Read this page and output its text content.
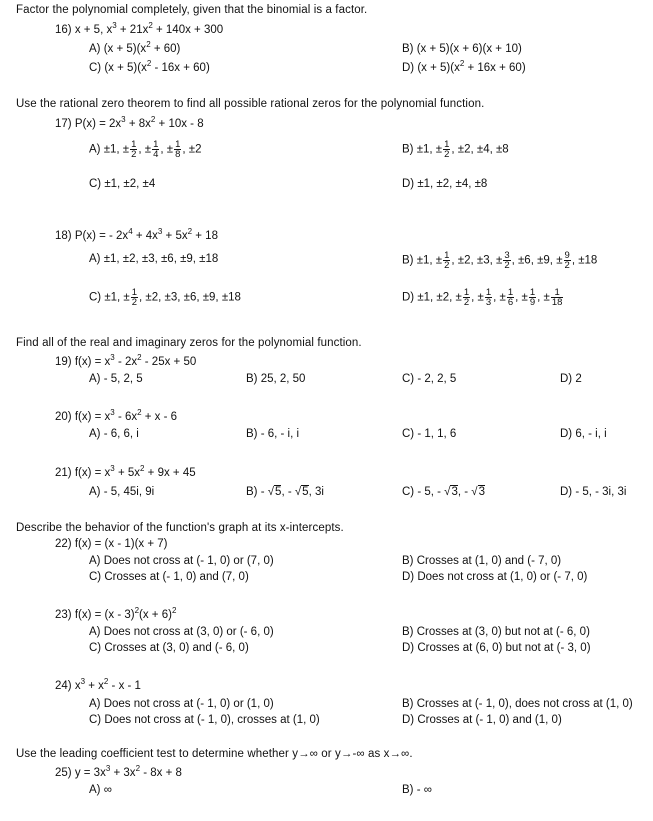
Factor the polynomial completely, given that the binomial is a factor.
16) x + 5, $x^3 + 21x^2 + 140x + 300$
A) $(x + 5)(x^2 + 60)$	B) (x + 5)(x + 6)(x + 10)
C) $(x + 5)(x^2 - 16x + 60)$	D) $(x + 5)(x^2 + 16x + 60)$
Use the rational zero theorem to find all possible rational zeros for the polynomial function.
17) $P(x) = 2x^3 + 8x^2 + 10x - 8$
A) ±1, ± $\frac{1}{2}$ , ± $\frac{1}{4}$ , ± $\frac{1}{8}$ , ±2	B) ±1, ± $\frac{1}{2}$ , ±2, ±4, ±8
C) ±1, ±2, ±4	D) ±1, ±2, ±4, ±8
18) P(x) = - $2x^4 + 4x^3 + 5x^2 + 18$
A) ±1, ±2, ±3, ±6, ±9, ±18	B) ±1, ± $\frac{1}{2}$ , ±2, ±3, ± $\frac{3}{2}$ , ±6, ±9, ± $\frac{9}{2}$ , ±18
C) ±1, ± $\frac{1}{2}$ , ±2, ±3, ±6, ±9, ±18	D) ±1, ±2, ± $\frac{1}{2}$ , ± $\frac{1}{3}$ , ± $\frac{1}{6}$ , ± $\frac{1}{9}$ , ± $\frac{1}{18}$
Find all of the real and imaginary zeros for the polynomial function.
19) $f(x) = x^3 - 2x^2 - 25x + 50$
A) - 5, 2, 5	B) 25, 2, 50	C) - 2, 2, 5	D) 2
20) $f(x) = x^3 - 6x^2 + x - 6$
A) - 6, 6, i	B) - 6, - i, i	C) - 1, 1, 6	D) 6, - i, i
21) $f(x) = x^3 + 5x^2 + 9x + 45$
A) - 5, 45i, 9i	B) - √5, - √5, 3i	C) - 5, - √3, - √3	D) - 5, - 3i, 3i
Describe the behavior of the function's graph at its x-intercepts.
22) f(x) = (x - 1)(x + 7)
A) Does not cross at (- 1, 0) or (7, 0)	B) Crosses at (1, 0) and (- 7, 0)
C) Crosses at (- 1, 0) and (7, 0)	D) Does not cross at (1, 0) or (- 7, 0)
23) $f(x) = (x - 3)^2(x + 6)^2$
A) Does not cross at (3, 0) or (- 6, 0)	B) Crosses at (3, 0) but not at (- 6, 0)
C) Crosses at (3, 0) and (- 6, 0)	D) Crosses at (6, 0) but not at (- 3, 0)
24) $x^3 + x^2 - x - 1$
A) Does not cross at (- 1, 0) or (1, 0)	B) Crosses at (- 1, 0), does not cross at (1, 0)
C) Does not cross at (- 1, 0), crosses at (1, 0)	D) Crosses at (- 1, 0) and (1, 0)
Use the leading coefficient test to determine whether y→∞ or y→-∞ as x→∞.
25) $y = 3x^3 + 3x^2 - 8x + 8$
A) ∞	B) - ∞
